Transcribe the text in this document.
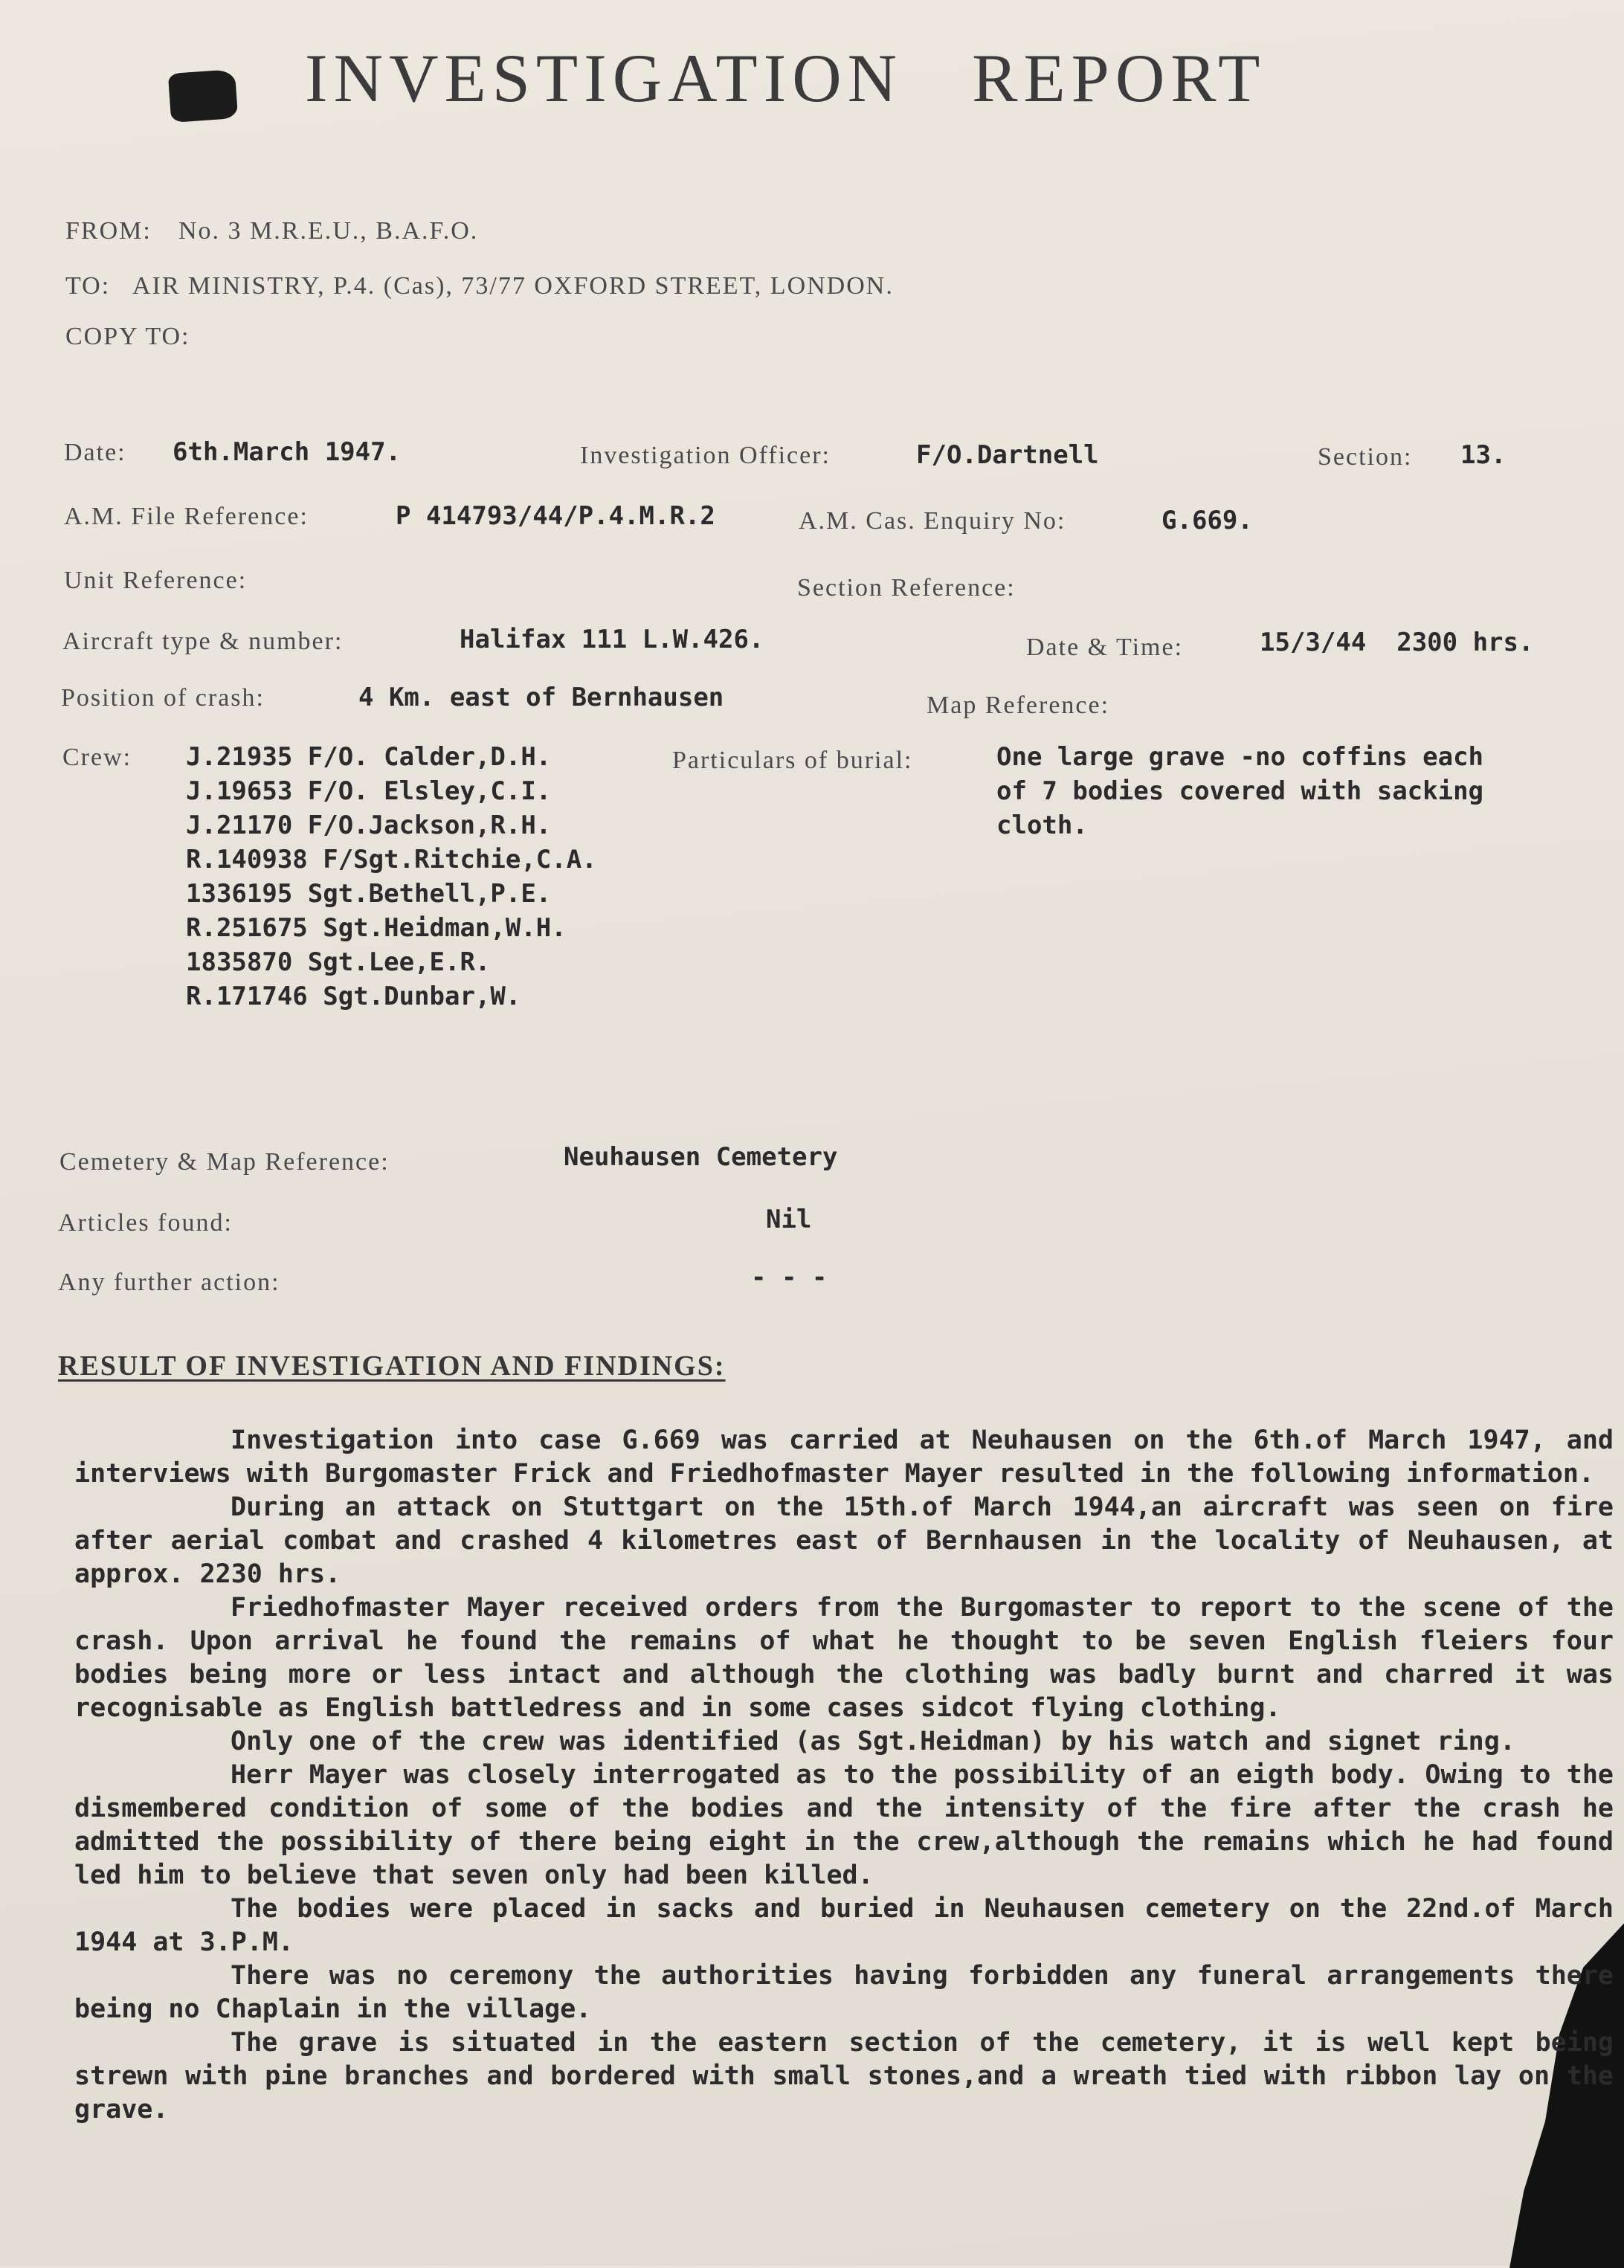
INVESTIGATION   REPORT
FROM: No. 3 M.R.E.U., B.A.F.O.
TO: AIR MINISTRY, P.4. (Cas), 73/77 OXFORD STREET, LONDON.
COPY TO:
Date: 6th.March 1947.	Investigation Officer:	F/O.Dartnell	Section: 13.
A.M. File Reference:	P 414793/44/P.4.M.R.2	A.M. Cas. Enquiry No:	G.669.
Unit Reference:	Section Reference:
Aircraft type & number:	Halifax 111 L.W.426.	Date & Time:	15/3/44  2300 hrs.
Position of crash:	4 Km. east of Bernhausen	Map Reference:
Crew: J.21935 F/O. Calder,D.H.
J.19653 F/O. Elsley,C.I.
J.21170 F/O.Jackson,R.H.
R.140938 F/Sgt.Ritchie,C.A.
1336195 Sgt.Bethell,P.E.
R.251675 Sgt.Heidman,W.H.
1835870 Sgt.Lee,E.R.
R.171746 Sgt.Dunbar,W.
Particulars of burial:	One large grave -no coffins each of 7 bodies covered with sacking cloth.
Cemetery & Map Reference:	Neuhausen Cemetery
Articles found:	Nil
Any further action:	- - -
RESULT OF INVESTIGATION AND FINDINGS:

Investigation into case G.669 was carried at Neuhausen on the 6th.of March 1947, and interviews with Burgomaster Frick and Friedhofmaster Mayer resulted in the following information.

During an attack on Stuttgart on the 15th.of March 1944,an aircraft was seen on fire after aerial combat and crashed 4 kilometres east of Bernhausen in the locality of Neuhausen, at approx. 2230 hrs.

Friedhofmaster Mayer received orders from the Burgomaster to report to the scene of the crash. Upon arrival he found the remains of what he thought to be seven English fleiers four bodies being more or less intact and although the clothing was badly burnt and charred it was recognisable as English battledress and in some cases sidcot flying clothing.

Only one of the crew was identified (as Sgt.Heidman) by his watch and signet ring.

Herr Mayer was closely interrogated as to the possibility of an eigth body. Owing to the dismembered condition of some of the bodies and the intensity of the fire after the crash he admitted the possibility of there being eight in the crew,although the remains which he had found led him to believe that seven only had been killed.

The bodies were placed in sacks and buried in Neuhausen cemetery on the 22nd.of March 1944 at 3.P.M.

There was no ceremony the authorities having forbidden any funeral arrangements there being no Chaplain in the village.

The grave is situated in the eastern section of the cemetery, it is well kept being strewn with pine branches and bordered with small stones,and a wreath tied with ribbon lay on the grave.
